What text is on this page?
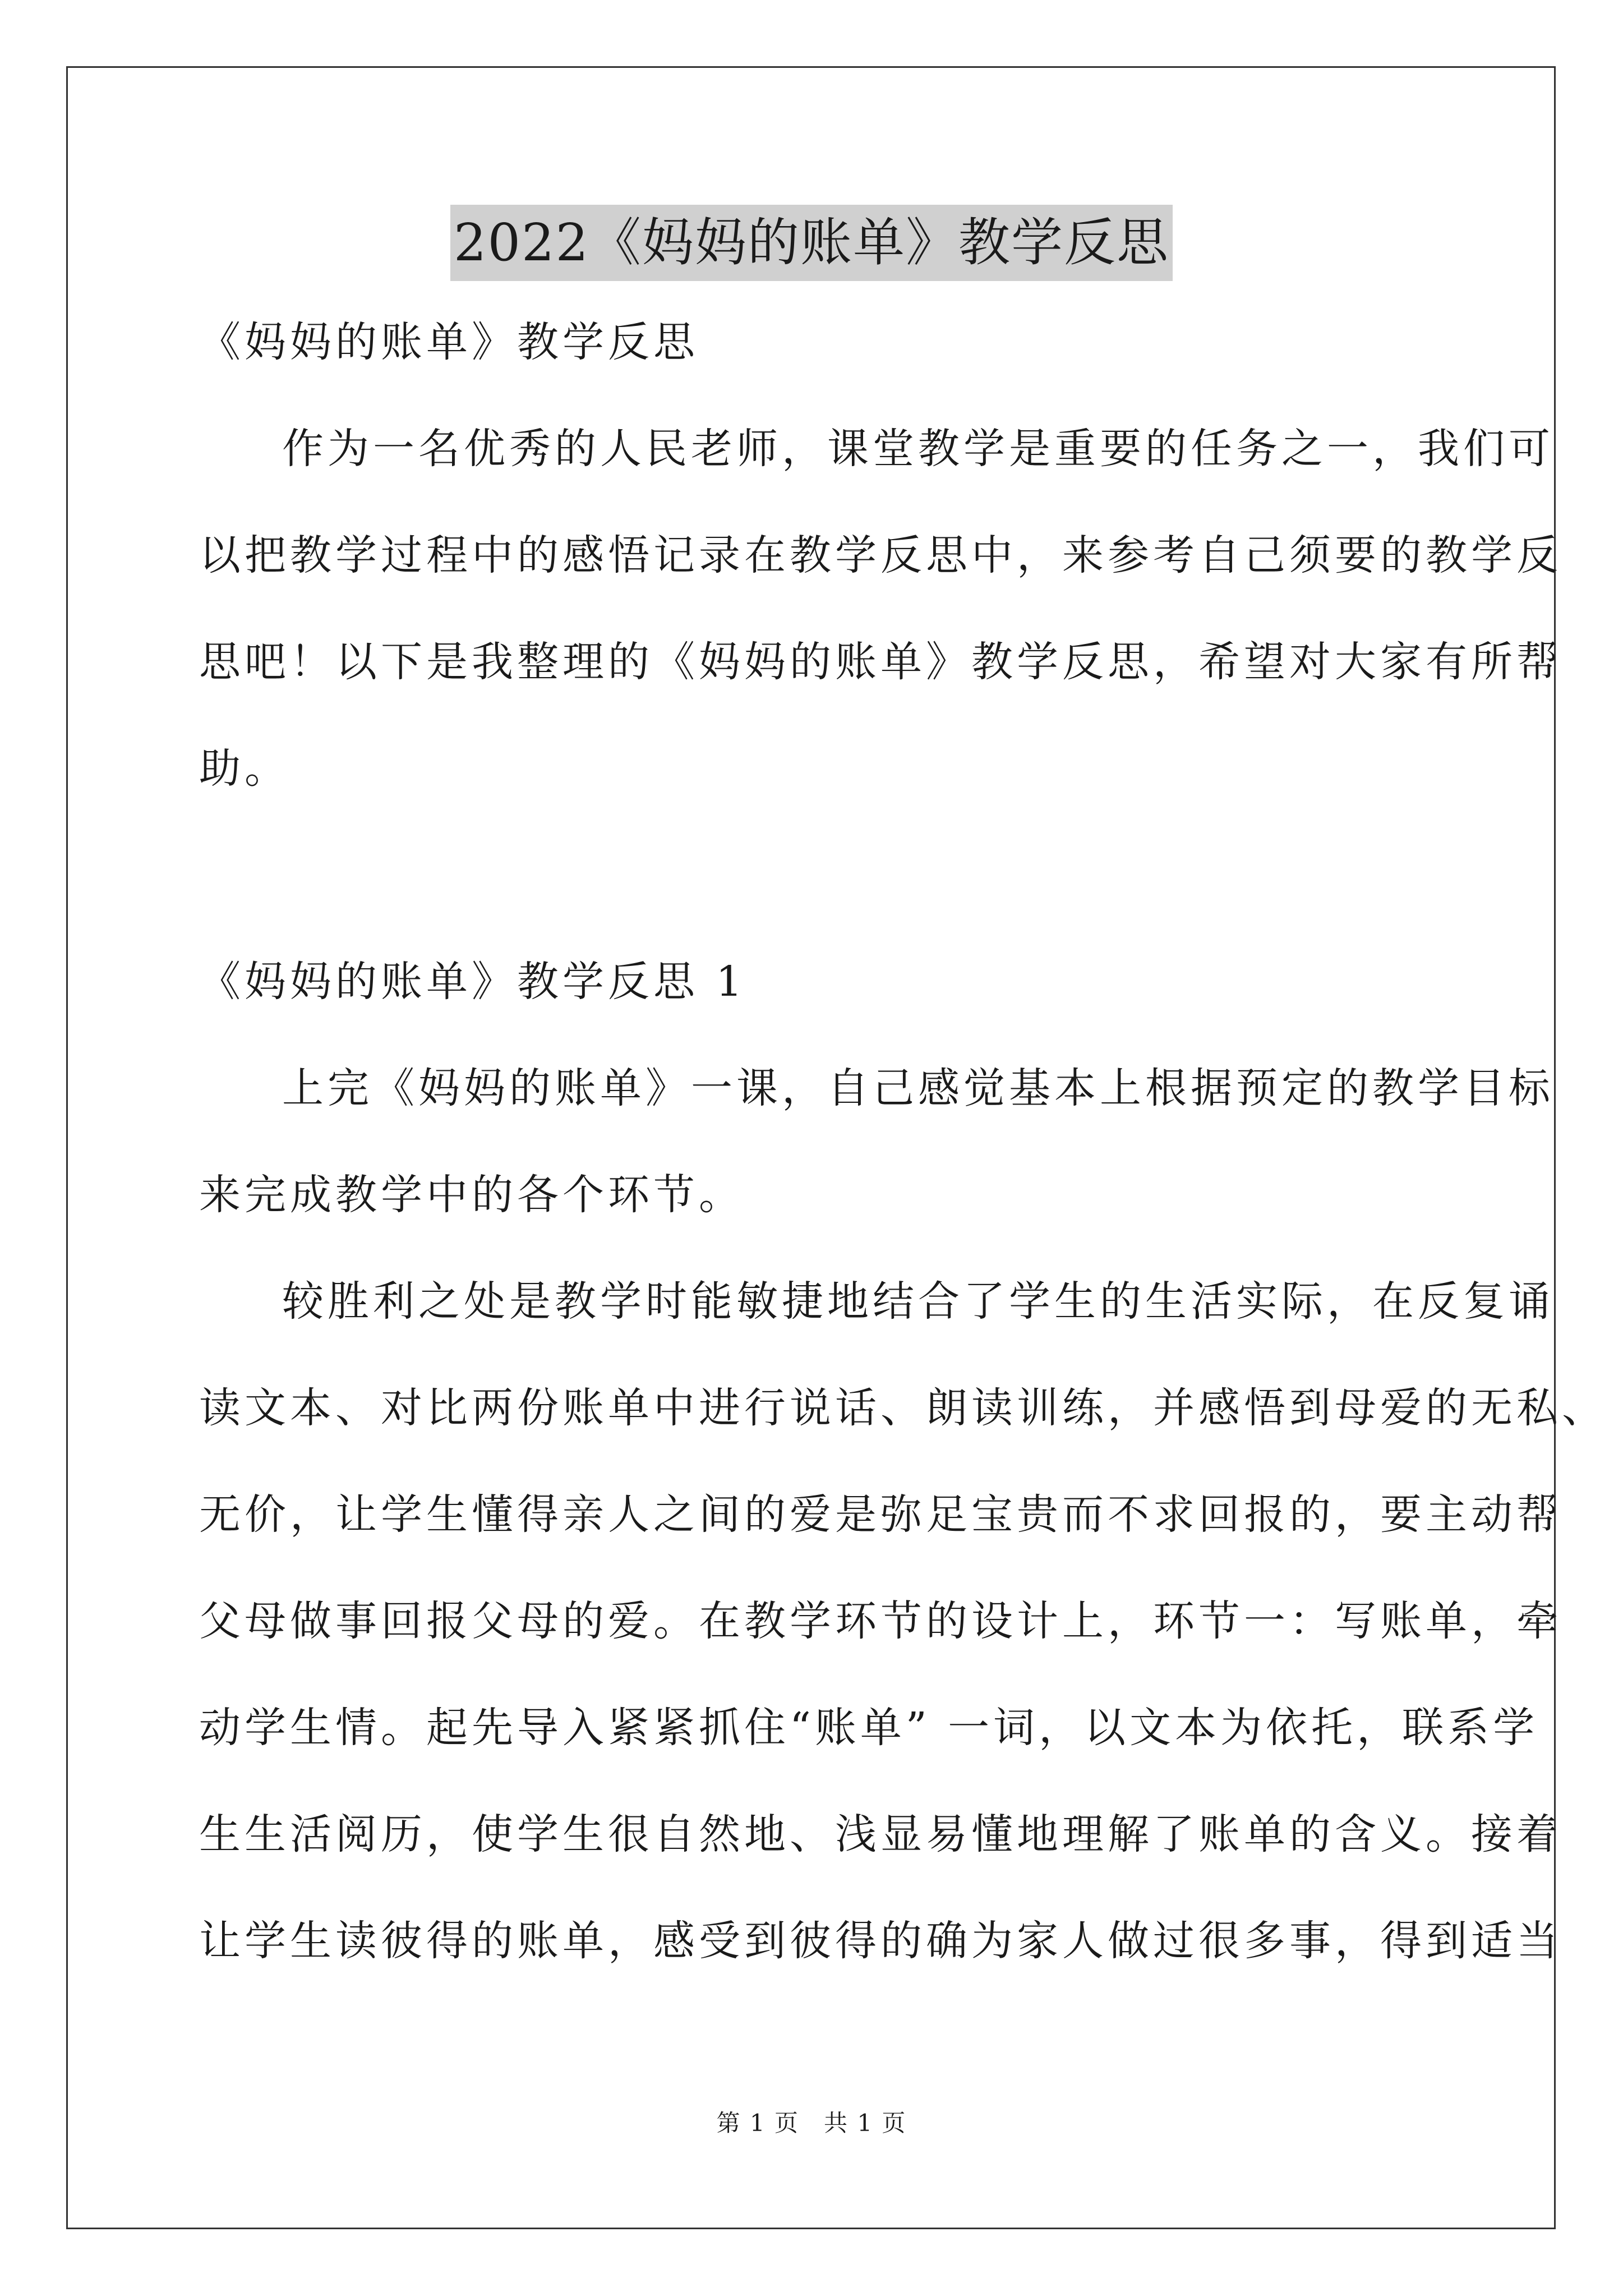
2022《妈妈的账单》教学反思
《妈妈的账单》教学反思
作为一名优秀的人民老师，课堂教学是重要的任务之一，我们可
以把教学过程中的感悟记录在教学反思中，来参考自己须要的教学反
思吧！以下是我整理的《妈妈的账单》教学反思，希望对大家有所帮
助。
《妈妈的账单》教学反思 1
上完《妈妈的账单》一课，自己感觉基本上根据预定的教学目标
来完成教学中的各个环节。
较胜利之处是教学时能敏捷地结合了学生的生活实际，在反复诵
读文本、对比两份账单中进行说话、朗读训练，并感悟到母爱的无私、
无价，让学生懂得亲人之间的爱是弥足宝贵而不求回报的，要主动帮
父母做事回报父母的爱。在教学环节的设计上，环节一：写账单，牵
动学生情。起先导入紧紧抓住“账单” 一词，以文本为依托，联系学
生生活阅历，使学生很自然地、浅显易懂地理解了账单的含义。接着
让学生读彼得的账单，感受到彼得的确为家人做过很多事，得到适当
第 1 页　共 1 页
